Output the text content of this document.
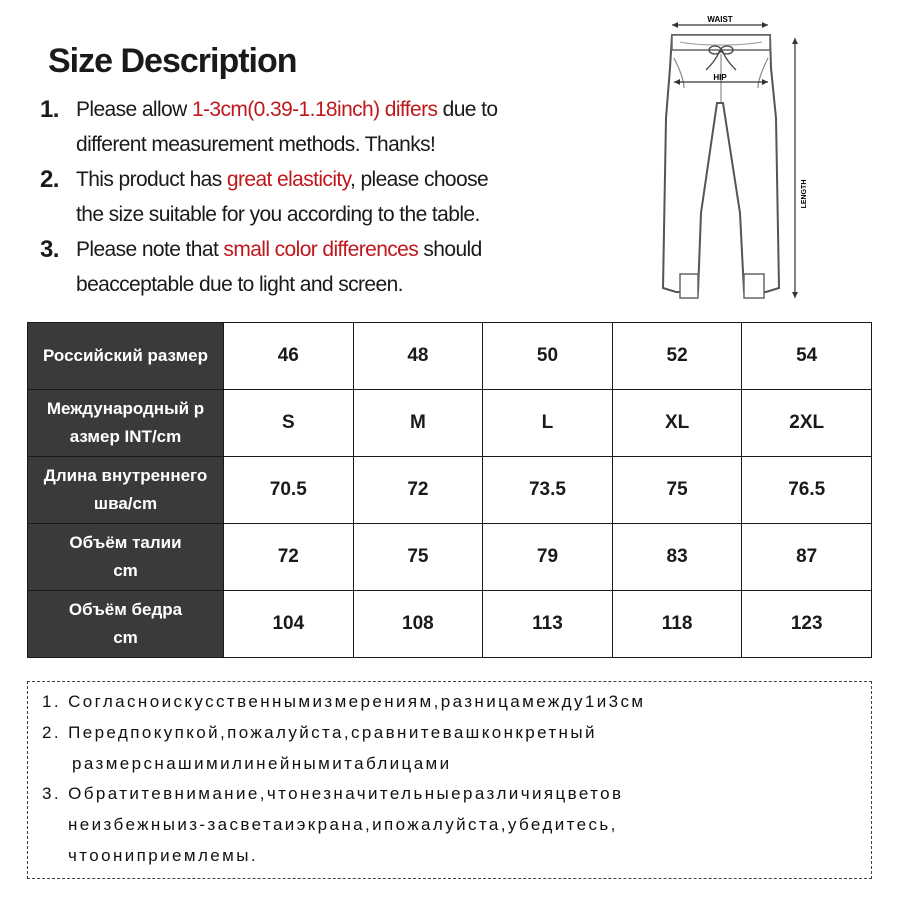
Size Description
1. Please allow 1-3cm(0.39-1.18inch) differs due to
different measurement methods. Thanks!
2. This product has great elasticity, please choose
the size suitable for you according to the table.
3. Please note that small color differences should
beacceptable due to light and screen.
WAIST
HIP
LENGTH
Российский размер	46	48	50	52	54
Международный р
азмер INT/cm	S	M	L	XL	2XL
Длина внутреннего
шва/cm	70.5	72	73.5	75	76.5
Объём талии
cm	72	75	79	83	87
Объём бедра
cm	104	108	113	118	123
1. Согласноискусственнымизмерениям,разницамежду1и3см
2. Передпокупкой,пожалуйста,сравнитевашконкретный
размерснашимилинейнымитаблицами
3. Обратитевнимание,чтонезначительныеразличияцветов
неизбежныиз-засветаиэкрана,ипожалуйста,убедитесь,
чтоониприемлемы.
